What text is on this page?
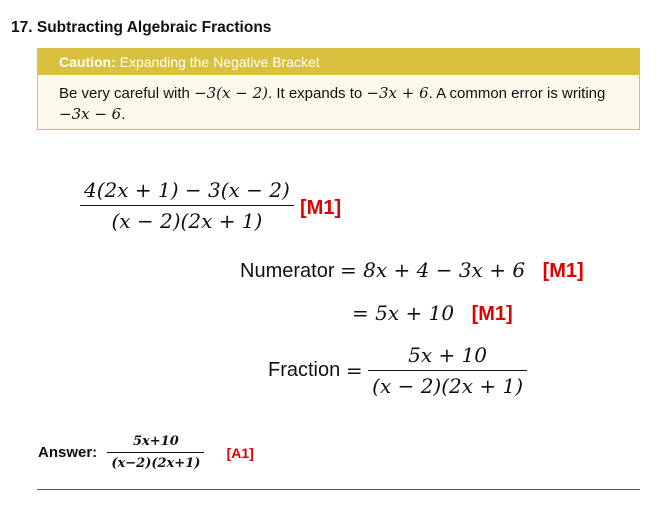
17. Subtracting Algebraic Fractions
Caution: Expanding the Negative Bracket
Be very careful with −3(x − 2). It expands to −3x + 6. A common error is writing
−3x − 6.
$\frac{4(2x + 1) - 3(x - 2)}{(x - 2)(2x + 1)} [M1]$
Numerator = 8x + 4 − 3x + 6 [M1]
= 5x + 10 [M1]
Fraction = $\frac{5x + 10}{(x - 2)(2x + 1)}$
Answer: $\frac{5x+10}{(x-2)(2x+1)} [A1]$
